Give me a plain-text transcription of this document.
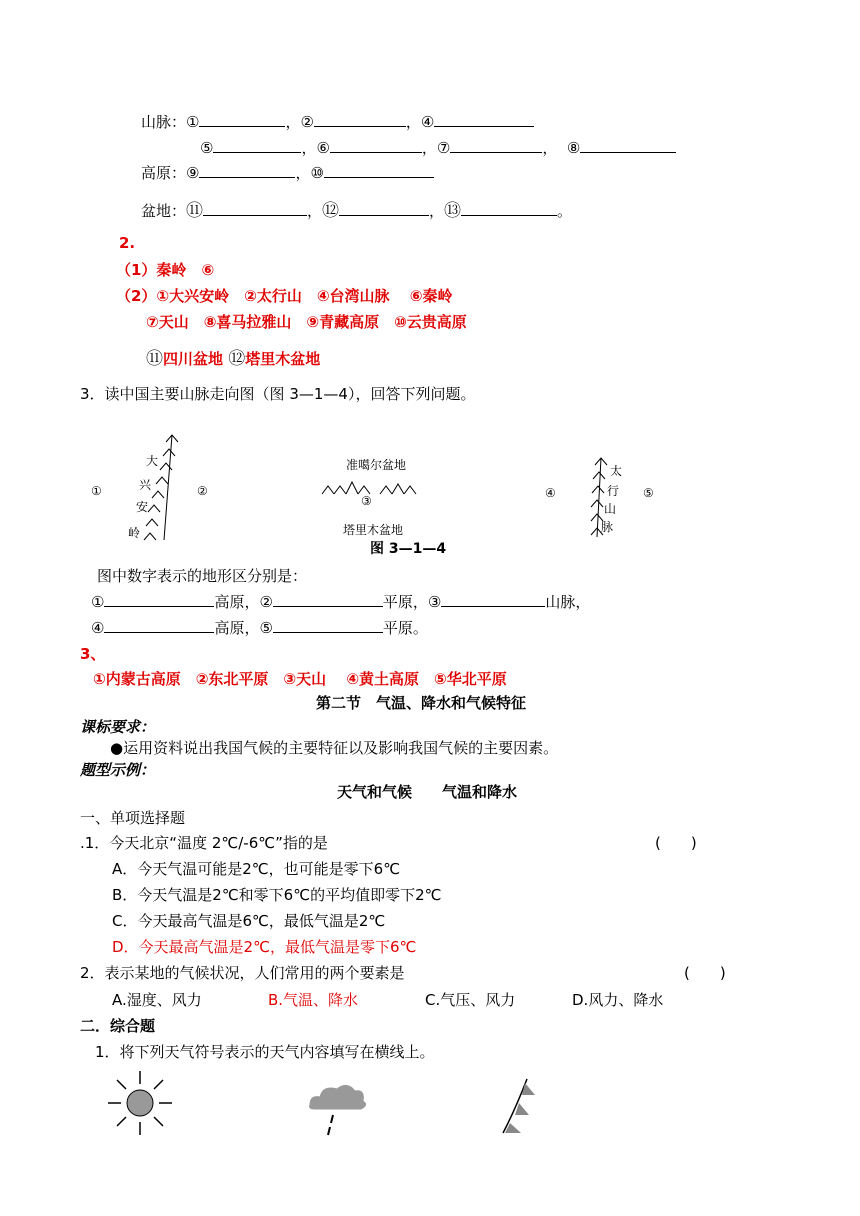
山脉：①	，②	，④
⑤	，⑥	，⑦	， ⑧
高原：⑨	，⑩
盆地：⑪	，⑫	，⑬	。
2.
（1）秦岭　⑥
（2）①大兴安岭　②太行山　④台湾山脉　 ⑥秦岭
⑦天山　⑧喜马拉雅山　⑨青藏高原　⑩云贵高原
⑪四川盆地 ⑫塔里木盆地
3．读中国主要山脉走向图（图 3—1—4），回答下列问题。
①	②
大
兴
安
岭
准噶尔盆地
③
塔里木盆地
图 3—1—4
④	⑤
太
行
山
脉
图中数字表示的地形区分别是：
①	高原，②	平原，③	山脉，
④	高原，⑤	平原。
3、
①内蒙古高原　②东北平原　③天山　 ④黄土高原　⑤华北平原
第二节　气温、降水和气候特征
课标要求：
●运用资料说出我国气候的主要特征以及影响我国气候的主要因素。
题型示例：
天气和气候　　气温和降水
一、单项选择题
.1．今天北京“温度 2℃/-6℃”指的是	(　　)
A．今天气温可能是2℃，也可能是零下6℃
B．今天气温是2℃和零下6℃的平均值即零下2℃
C．今天最高气温是6℃，最低气温是2℃
D．今天最高气温是2℃，最低气温是零下6℃
2．表示某地的气候状况，人们常用的两个要素是	(　　)
A.湿度、风力	B.气温、降水	C.气压、风力	D.风力、降水
二．综合题
1．将下列天气符号表示的天气内容填写在横线上。
